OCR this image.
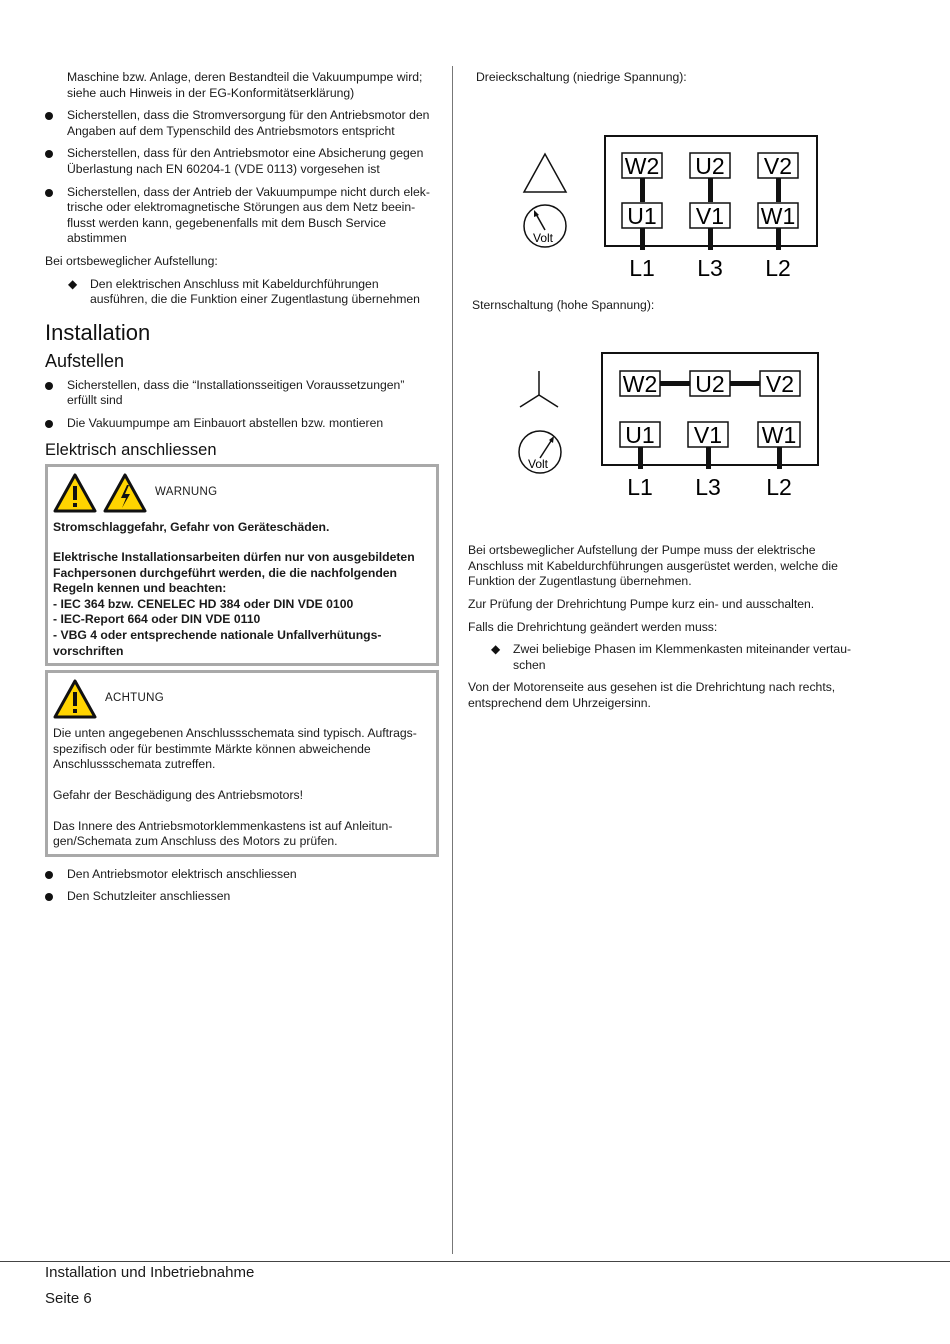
Maschine bzw. Anlage, deren Bestandteil die Vakuumpumpe wird; siehe auch Hinweis in der EG-Konformitätserklärung)

Sicherstellen, dass die Stromversorgung für den Antriebsmotor den Angaben auf dem Typenschild des Antriebsmotors entspricht
Sicherstellen, dass für den Antriebsmotor eine Absicherung gegen Überlastung nach EN 60204-1 (VDE 0113) vorgesehen ist
Sicherstellen, dass der Antrieb der Vakuumpumpe nicht durch elek-trische oder elektromagnetische Störungen aus dem Netz beein-flusst werden kann, gegebenenfalls mit dem Busch Service abstimmen

Bei ortsbeweglicher Aufstellung:

◆ Den elektrischen Anschluss mit Kabeldurchführungen ausführen, die die Funktion einer Zugentlastung übernehmen
Installation
Aufstellen
Sicherstellen, dass die “Installationsseitigen Voraussetzungen” erfüllt sind
Die Vakuumpumpe am Einbauort abstellen bzw. montieren
Elektrisch anschliessen
WARNUNG

Stromschlaggefahr, Gefahr von Geräteschäden.

Elektrische Installationsarbeiten dürfen nur von ausgebildeten Fachpersonen durchgeführt werden, die die nachfolgenden Regeln kennen und beachten:

- IEC 364 bzw. CENELEC HD 384 oder DIN VDE 0100
- IEC-Report 664 oder DIN VDE 0110
- VBG 4 oder entsprechende nationale Unfallverhütungs-vorschriften
ACHTUNG

Die unten angegebenen Anschlussschemata sind typisch. Auftrags-spezifisch oder für bestimmte Märkte können abweichende Anschlussschemata zutreffen.

Gefahr der Beschädigung des Antriebsmotors!

Das Innere des Antriebsmotorklemmenkastens ist auf Anleitun-gen/Schemata zum Anschluss des Motors zu prüfen.

Den Antriebsmotor elektrisch anschliessen
Den Schutzleiter anschliessen

Dreieckschaltung (niedrige Spannung):

Volt
W2 U2 V2
U1 V1 W1
L1 L3 L2

Sternschaltung (hohe Spannung):

Volt
W2 U2 V2
U1 V1 W1
L1 L3 L2

Bei ortsbeweglicher Aufstellung der Pumpe muss der elektrische Anschluss mit Kabeldurchführungen ausgerüstet werden, welche die Funktion der Zugentlastung übernehmen.

Zur Prüfung der Drehrichtung Pumpe kurz ein- und ausschalten.

Falls die Drehrichtung geändert werden muss:

◆ Zwei beliebige Phasen im Klemmenkasten miteinander vertau-schen

Von der Motorenseite aus gesehen ist die Drehrichtung nach rechts, entsprechend dem Uhrzeigersinn.

Installation und Inbetriebnahme
Seite 6
